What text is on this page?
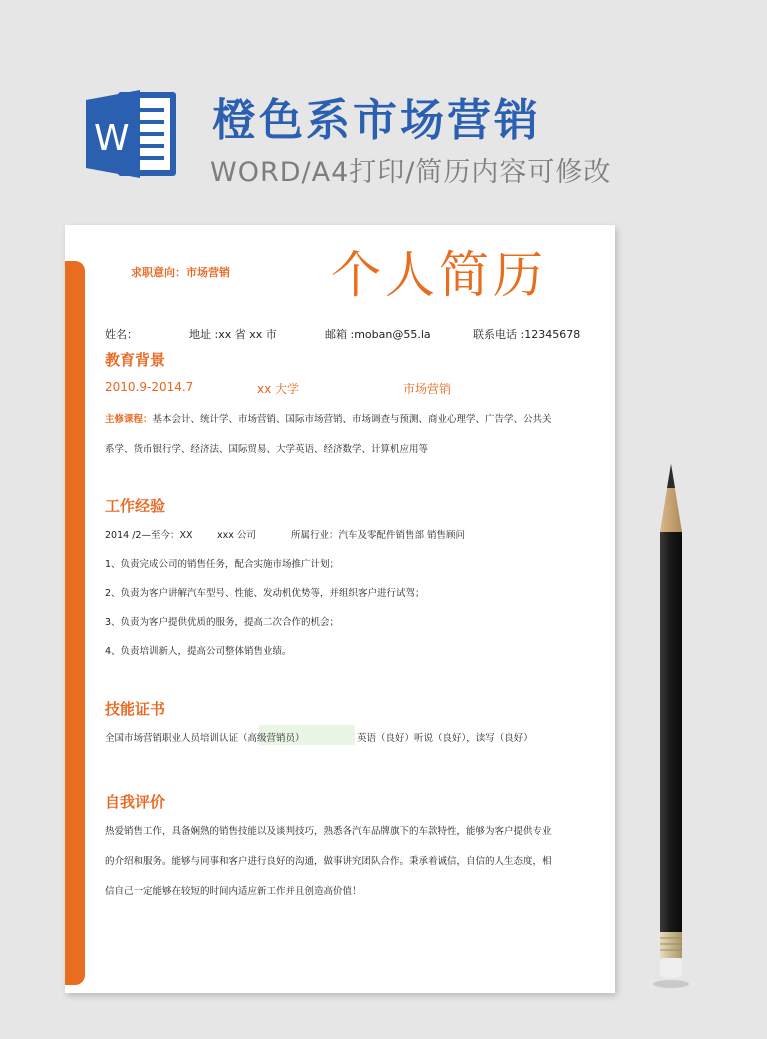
W 橙色系市场营销
WORD/A4打印/简历内容可修改
求职意向：市场营销 个人简历
姓名：	地址 :xx 省 xx 市	邮箱 :moban@55.la	联系电话 :12345678
教育背景
2010.9-2014.7	xx 大学	市场营销
主修课程：基本会计、统计学、市场营销、国际市场营销、市场调查与预测、商业心理学、广告学、公共关
系学、货币银行学、经济法、国际贸易、大学英语、经济数学、计算机应用等
工作经验
2014 /2—至今：XX	xxx 公司	所属行业：汽车及零配件销售部 销售顾问
1、负责完成公司的销售任务，配合实施市场推广计划；
2、负责为客户讲解汽车型号、性能、发动机优势等，并组织客户进行试驾；
3、负责为客户提供优质的服务，提高二次合作的机会；
4、负责培训新人，提高公司整体销售业绩。
技能证书
全国市场营销职业人员培训认证（高级营销员）	英语（良好）听说（良好），读写（良好）
自我评价
热爱销售工作，具备娴熟的销售技能以及谈判技巧，熟悉各汽车品牌旗下的车款特性，能够为客户提供专业
的介绍和服务。能够与同事和客户进行良好的沟通，做事讲究团队合作。秉承着诚信，自信的人生态度，相
信自己一定能够在较短的时间内适应新工作并且创造高价值！
